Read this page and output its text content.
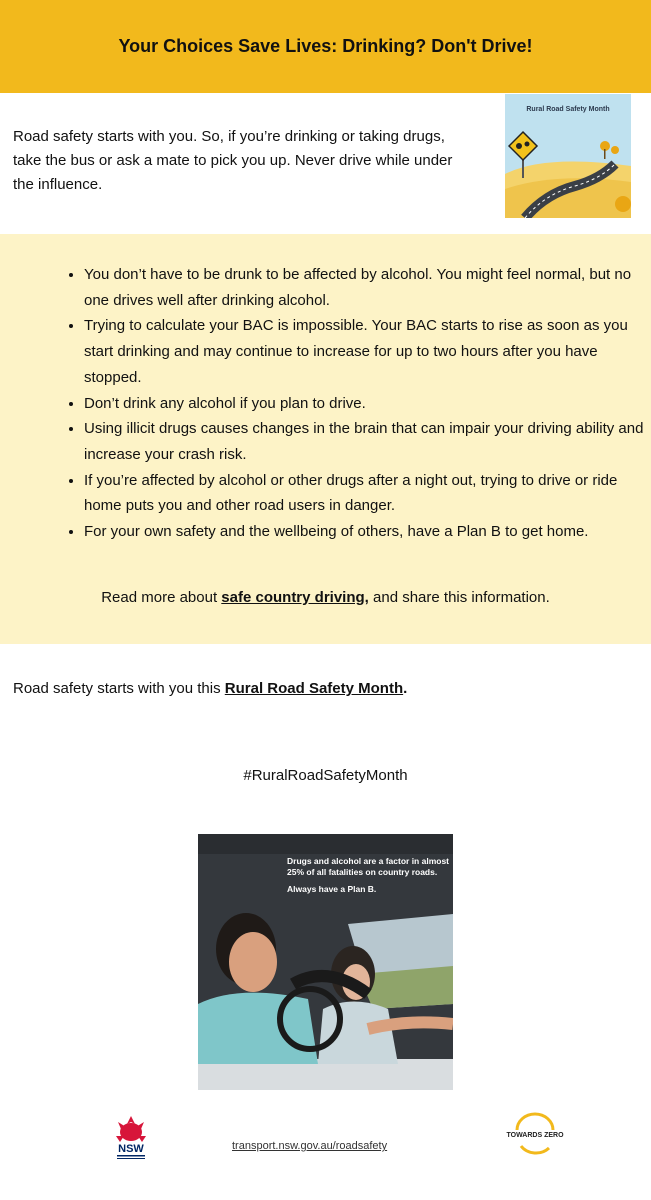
Your Choices Save Lives: Drinking? Don't Drive!

Road safety starts with you. So, if you’re drinking or taking drugs, take the bus or ask a mate to pick you up. Never drive while under the influence.

Rural Road Safety Month
• You don’t have to be drunk to be affected by alcohol. You might feel normal, but no one drives well after drinking alcohol.
• Trying to calculate your BAC is impossible. Your BAC starts to rise as soon as you start drinking and may continue to increase for up to two hours after you have stopped.
• Don’t drink any alcohol if you plan to drive.
• Using illicit drugs causes changes in the brain that can impair your driving ability and increase your crash risk.
• If you’re affected by alcohol or other drugs after a night out, trying to drive or ride home puts you and other road users in danger.
• For your own safety and the wellbeing of others, have a Plan B to get home.

Read more about safe country driving, and share this information.

Road safety starts with you this Rural Road Safety Month.

#RuralRoadSafetyMonth

Drugs and alcohol are a factor in almost 25% of all fatalities on country roads.
Always have a Plan B.
NSW	transport.nsw.gov.au/roadsafety
TOWARDS ZERO
